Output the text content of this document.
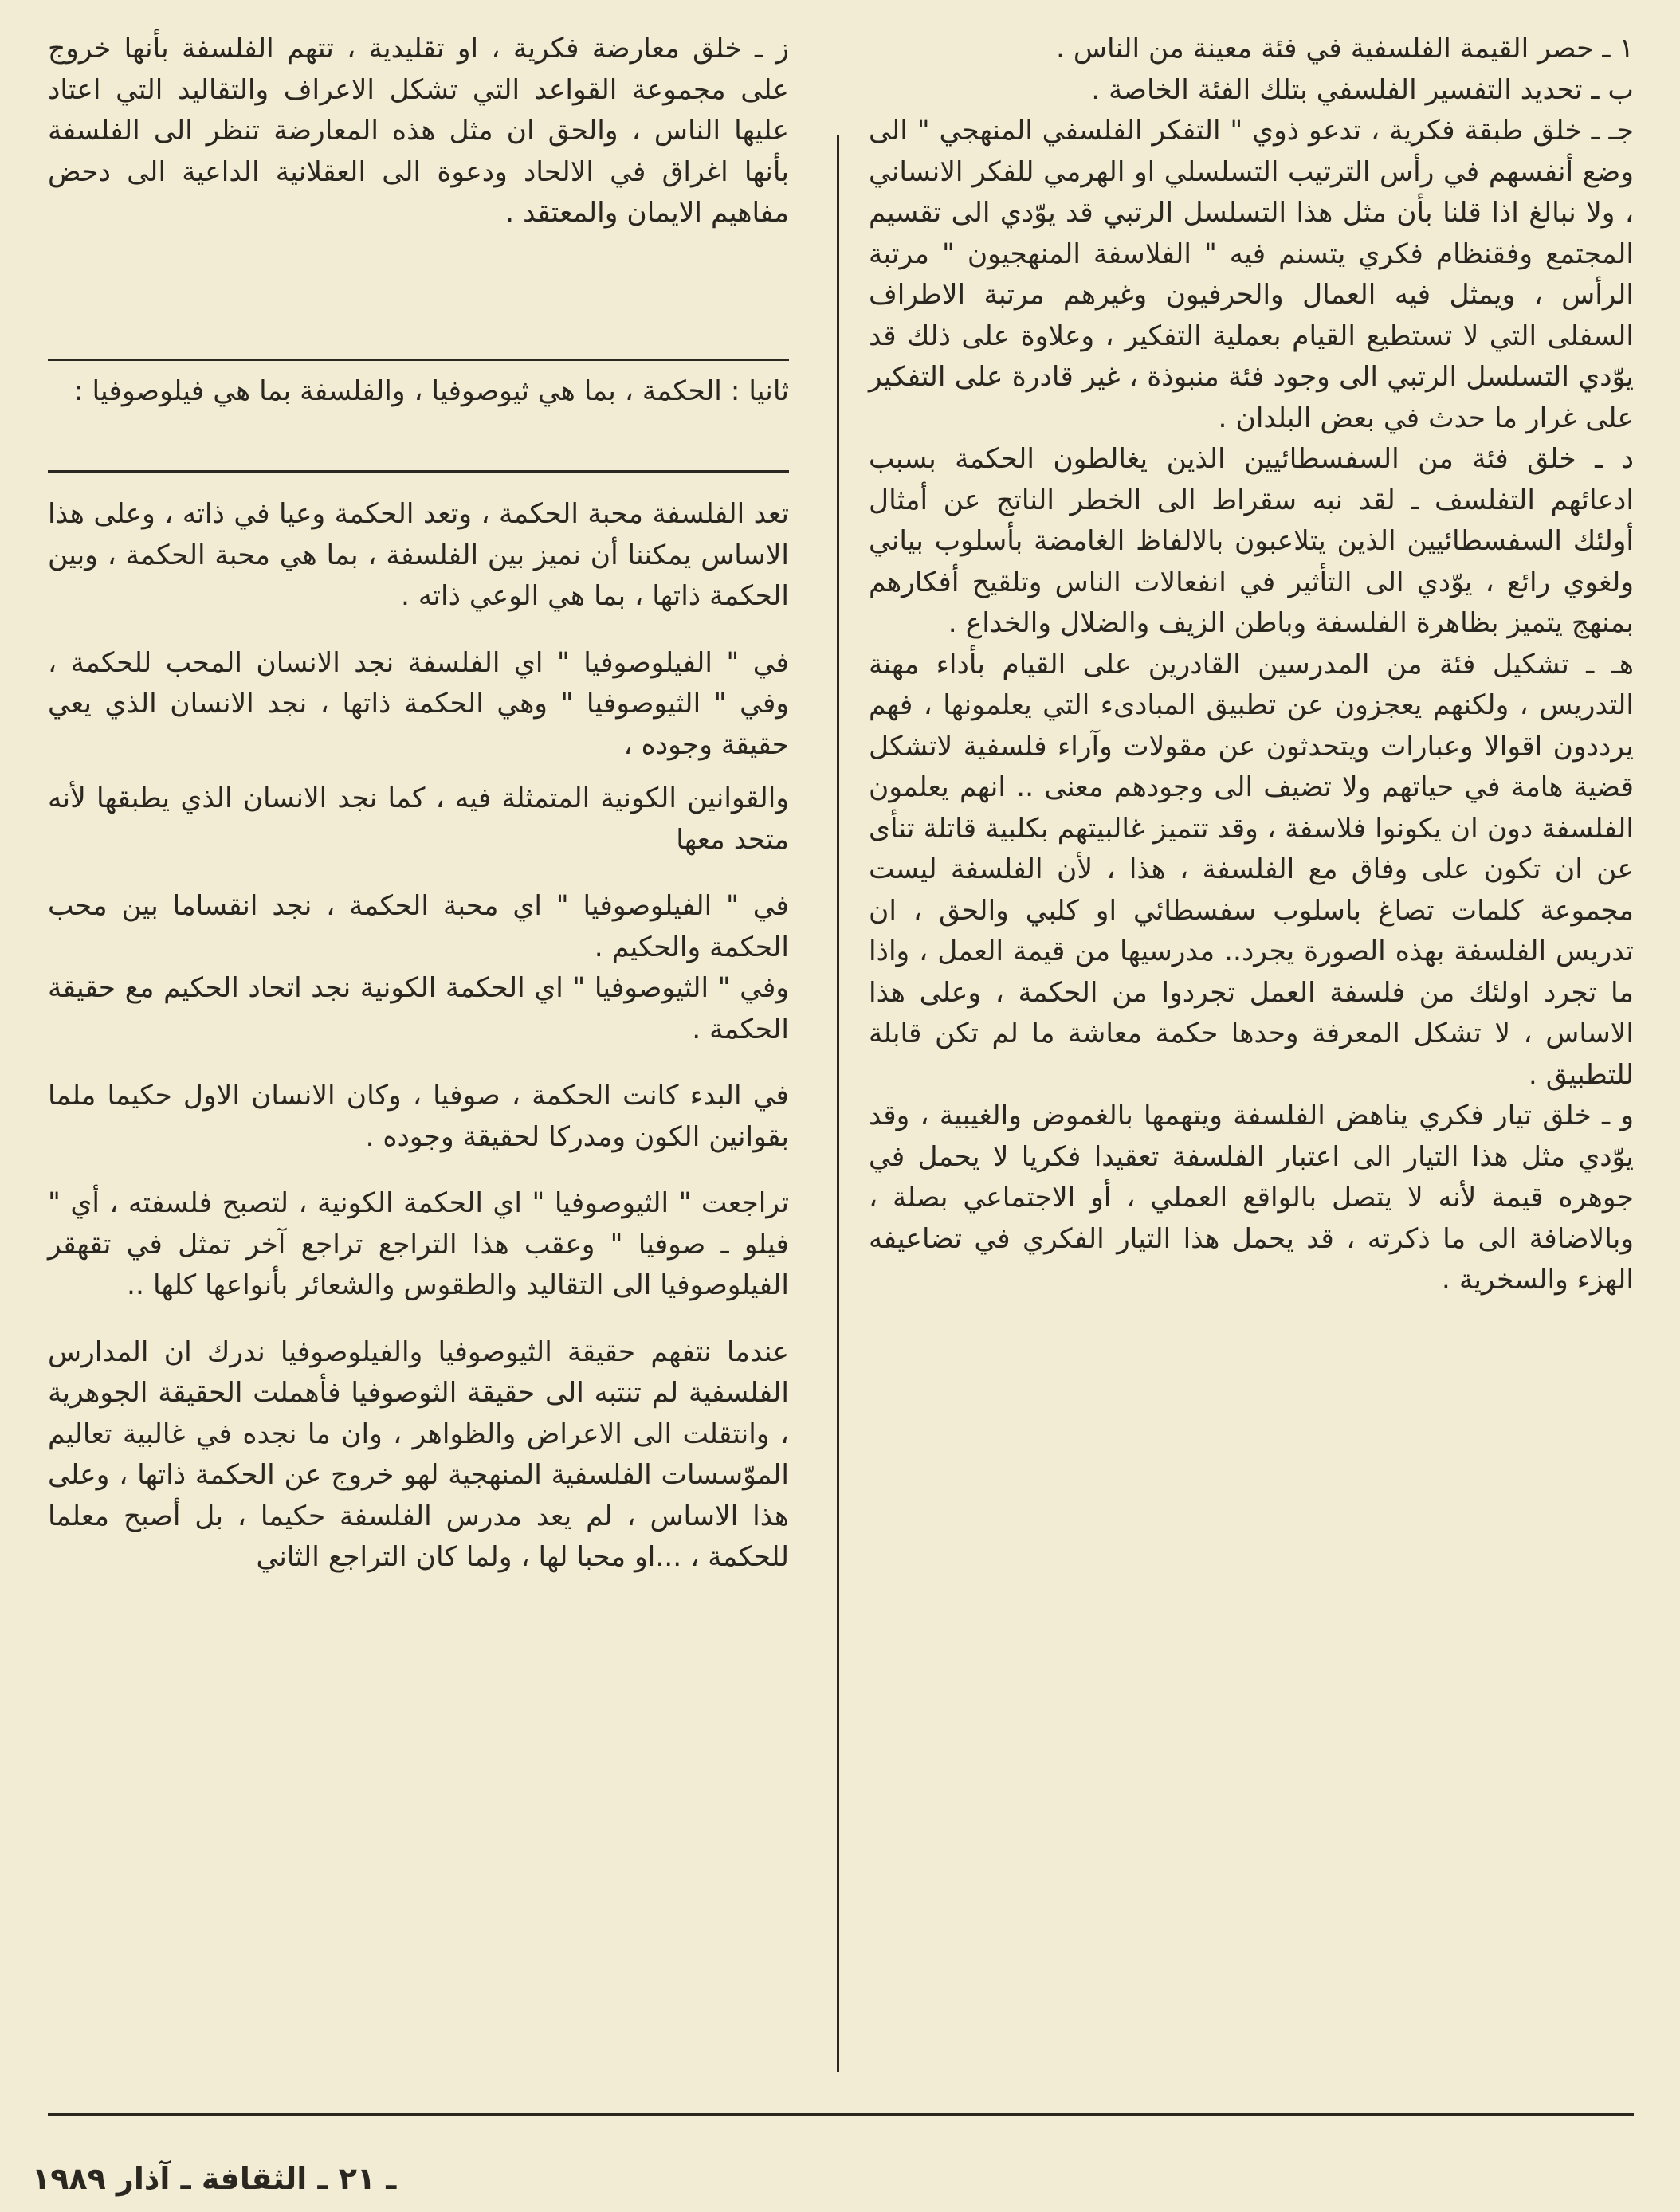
١ ـ حصر القيمة الفلسفية في فئة معينة من الناس .

ب ـ تحديد التفسير الفلسفي بتلك الفئة الخاصة .

جـ ـ خلق طبقة فكرية ، تدعو ذوي " التفكر الفلسفي المنهجي " الى وضع أنفسهم في رأس الترتيب التسلسلي او الهرمي للفكر الانساني ، ولا نبالغ اذا قلنا بأن مثل هذا التسلسل الرتبي قد يوّدي الى تقسيم المجتمع وفقنظام فكري يتسنم فيه " الفلاسفة المنهجيون " مرتبة الرأس ، ويمثل فيه العمال والحرفيون وغيرهم مرتبة الاطراف السفلى التي لا تستطيع القيام بعملية التفكير ، وعلاوة على ذلك قد يوّدي التسلسل الرتبي الى وجود فئة منبوذة ، غير قادرة على التفكير على غرار ما حدث في بعض البلدان .

د ـ خلق فئة من السفسطائيين الذين يغالطون الحكمة بسبب ادعائهم التفلسف ـ لقد نبه سقراط الى الخطر الناتج عن أمثال أولئك السفسطائيين الذين يتلاعبون بالالفاظ الغامضة بأسلوب بياني ولغوي رائع ، يوّدي الى التأثير في انفعالات الناس وتلقيح أفكارهم بمنهج يتميز بظاهرة الفلسفة وباطن الزيف والضلال والخداع .

هـ ـ تشكيل فئة من المدرسين القادرين على القيام بأداء مهنة التدريس ، ولكنهم يعجزون عن تطبيق المبادىء التي يعلمونها ، فهم يرددون اقوالا وعبارات ويتحدثون عن مقولات وآراء فلسفية لاتشكل قضية هامة في حياتهم ولا تضيف الى وجودهم معنى .. انهم يعلمون الفلسفة دون ان يكونوا فلاسفة ، وقد تتميز غالبيتهم بكلبية قاتلة تنأى عن ان تكون على وفاق مع الفلسفة ، هذا ، لأن الفلسفة ليست مجموعة كلمات تصاغ باسلوب سفسطائي او كلبي والحق ، ان تدريس الفلسفة بهذه الصورة يجرد.. مدرسيها من قيمة العمل ، واذا ما تجرد اولئك من فلسفة العمل تجردوا من الحكمة ، وعلى هذا الاساس ، لا تشكل المعرفة وحدها حكمة معاشة ما لم تكن قابلة للتطبيق .

و ـ خلق تيار فكري يناهض الفلسفة ويتهمها بالغموض والغيبية ، وقد يوّدي مثل هذا التيار الى اعتبار الفلسفة تعقيدا فكريا لا يحمل في جوهره قيمة لأنه لا يتصل بالواقع العملي ، أو الاجتماعي بصلة ، وبالاضافة الى ما ذكرته ، قد يحمل هذا التيار الفكري في تضاعيفه الهزء والسخرية .

ز ـ خلق معارضة فكرية ، او تقليدية ، تتهم الفلسفة بأنها خروج على مجموعة القواعد التي تشكل الاعراف والتقاليد التي اعتاد عليها الناس ، والحق ان مثل هذه المعارضة تنظر الى الفلسفة بأنها اغراق في الالحاد ودعوة الى العقلانية الداعية الى دحض مفاهيم الايمان والمعتقد .

ثانيا : الحكمة ، بما هي ثيوصوفيا ، والفلسفة بما هي فيلوصوفيا :

تعد الفلسفة محبة الحكمة ، وتعد الحكمة وعيا في ذاته ، وعلى هذا الاساس يمكننا أن نميز بين الفلسفة ، بما هي محبة الحكمة ، وبين الحكمة ذاتها ، بما هي الوعي ذاته .

في " الفيلوصوفيا " اي الفلسفة نجد الانسان المحب للحكمة ، وفي " الثيوصوفيا " وهي الحكمة ذاتها ، نجد الانسان الذي يعي حقيقة وجوده ،

والقوانين الكونية المتمثلة فيه ، كما نجد الانسان الذي يطبقها لأنه متحد معها

في " الفيلوصوفيا " اي محبة الحكمة ، نجد انقساما بين محب الحكمة والحكيم .

وفي " الثيوصوفيا " اي الحكمة الكونية نجد اتحاد الحكيم مع حقيقة الحكمة .

في البدء كانت الحكمة ، صوفيا ، وكان الانسان الاول حكيما ملما بقوانين الكون ومدركا لحقيقة وجوده .

تراجعت " الثيوصوفيا " اي الحكمة الكونية ، لتصبح فلسفته ، أي " فيلو ـ صوفيا " وعقب هذا التراجع تراجع آخر تمثل في تقهقر الفيلوصوفيا الى التقاليد والطقوس والشعائر بأنواعها كلها ..

عندما نتفهم حقيقة الثيوصوفيا والفيلوصوفيا ندرك ان المدارس الفلسفية لم تنتبه الى حقيقة الثوصوفيا فأهملت الحقيقة الجوهرية ، وانتقلت الى الاعراض والظواهر ، وان ما نجده في غالبية تعاليم الموّسسات الفلسفية المنهجية لهو خروج عن الحكمة ذاتها ، وعلى هذا الاساس ، لم يعد مدرس الفلسفة حكيما ، بل أصبح معلما للحكمة ، ...او محبا لها ، ولما كان التراجع الثاني

ـ ٢١ ـ الثقافة ـ آذار ١٩٨٩
